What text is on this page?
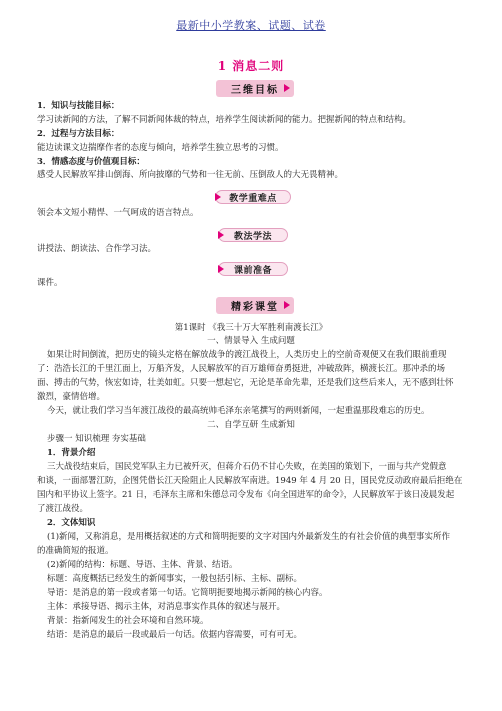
最新中小学教案、试题、试卷
1 消息二则
三维目标
1．知识与技能目标：
学习读新闻的方法，了解不同新闻体裁的特点，培养学生阅读新闻的能力。把握新闻的特点和结构。
2．过程与方法目标：
能边读课文边揣摩作者的态度与倾向，培养学生独立思考的习惯。
3．情感态度与价值观目标：
感受人民解放军排山倒海、所向披靡的气势和一往无前、压倒敌人的大无畏精神。
教学重难点
领会本文短小精悍、一气呵成的语言特点。
教法学法
讲授法、朗读法、合作学习法。
课前准备
课件。
精彩课堂
第1课时 《我三十万大军胜利南渡长江》
一、情景导入 生成问题
如果让时间倒流，把历史的镜头定格在解放战争的渡江战役上，人类历史上的空前奇观便又在我们眼前重现
了：浩浩长江的千里江面上，万船齐发，人民解放军的百万雄师奋勇挺进，冲破敌阵，横渡长江。那冲杀的场
面、搏击的气势，恢宏如诗，壮美如虹。只要一想起它，无论是革命先辈，还是我们这些后来人，无不感到壮怀
激烈，豪情倍增。
今天，就让我们学习当年渡江战役的最高统帅毛泽东亲笔撰写的两则新闻，一起重温那段难忘的历史。
二、自学互研 生成新知
步骤一 知识梳理 夯实基础
1．背景介绍
三大战役结束后，国民党军队主力已被歼灭，但蒋介石仍不甘心失败，在美国的策划下，一面与共产党假意
和谈，一面部署江防，企图凭借长江天险阻止人民解放军南进。1949 年 4 月 20 日，国民党反动政府最后拒绝在
国内和平协议上签字。21 日，毛泽东主席和朱德总司令发布《向全国进军的命令》，人民解放军于该日凌晨发起
了渡江战役。
2．文体知识
(1)新闻，又称消息，是用概括叙述的方式和简明扼要的文字对国内外最新发生的有社会价值的典型事实所作
的准确简短的报道。
(2)新闻的结构：标题、导语、主体、背景、结语。
标题：高度概括已经发生的新闻事实，一般包括引标、主标、副标。
导语：是消息的第一段或者第一句话。它简明扼要地揭示新闻的核心内容。
主体：承接导语、揭示主体，对消息事实作具体的叙述与展开。
背景：指新闻发生的社会环境和自然环境。
结语：是消息的最后一段或最后一句话。依据内容需要，可有可无。
